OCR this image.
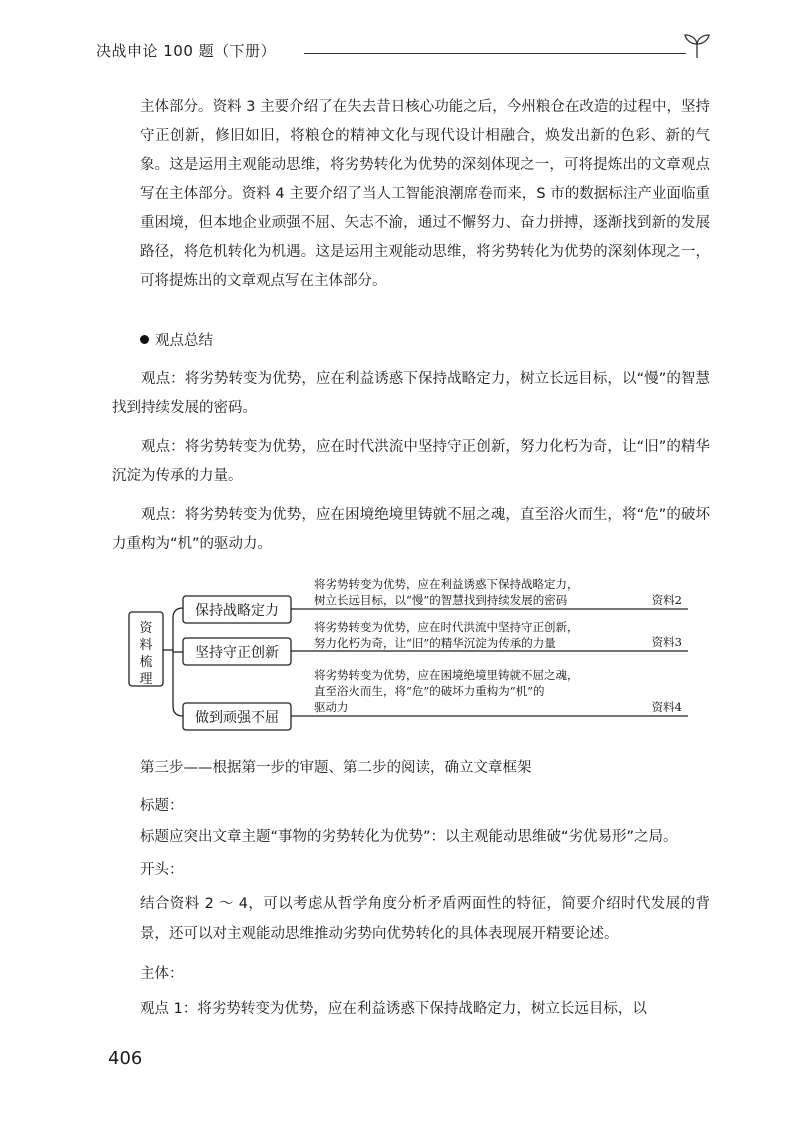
决战申论 100 题（下册）

主体部分。资料 3 主要介绍了在失去昔日核心功能之后，今州粮仓在改造的过程中，坚持守正创新，修旧如旧，将粮仓的精神文化与现代设计相融合，焕发出新的色彩、新的气象。这是运用主观能动思维，将劣势转化为优势的深刻体现之一，可将提炼出的文章观点写在主体部分。资料 4 主要介绍了当人工智能浪潮席卷而来，S 市的数据标注产业面临重重困境，但本地企业顽强不屈、矢志不渝，通过不懈努力、奋力拼搏，逐渐找到新的发展路径，将危机转化为机遇。这是运用主观能动思维，将劣势转化为优势的深刻体现之一，可将提炼出的文章观点写在主体部分。

观点总结

观点：将劣势转变为优势，应在利益诱惑下保持战略定力，树立长远目标，以“慢”的智慧找到持续发展的密码。

观点：将劣势转变为优势，应在时代洪流中坚持守正创新，努力化朽为奇，让“旧”的精华沉淀为传承的力量。

观点：将劣势转变为优势，应在困境绝境里铸就不屈之魂，直至浴火而生，将“危”的破坏力重构为“机”的驱动力。

资
料
梳
理
保持战略定力
坚持守正创新
做到顽强不屈
将劣势转变为优势，应在利益诱惑下保持战略定力，
树立长远目标，以“慢”的智慧找到持续发展的密码	资料2
将劣势转变为优势，应在时代洪流中坚持守正创新，
努力化朽为奇，让“旧”的精华沉淀为传承的力量	资料3
将劣势转变为优势，应在困境绝境里铸就不屈之魂，
直至浴火而生，将“危”的破坏力重构为“机”的
驱动力	资料4
第三步——根据第一步的审题、第二步的阅读，确立文章框架
标题：

标题应突出文章主题“事物的劣势转化为优势”：以主观能动思维破“劣优易形”之局。

开头：

结合资料 2 ～ 4，可以考虑从哲学角度分析矛盾两面性的特征，简要介绍时代发展的背景，还可以对主观能动思维推动劣势向优势转化的具体表现展开精要论述。

主体：

观点 1：将劣势转变为优势，应在利益诱惑下保持战略定力，树立长远目标，以

406
